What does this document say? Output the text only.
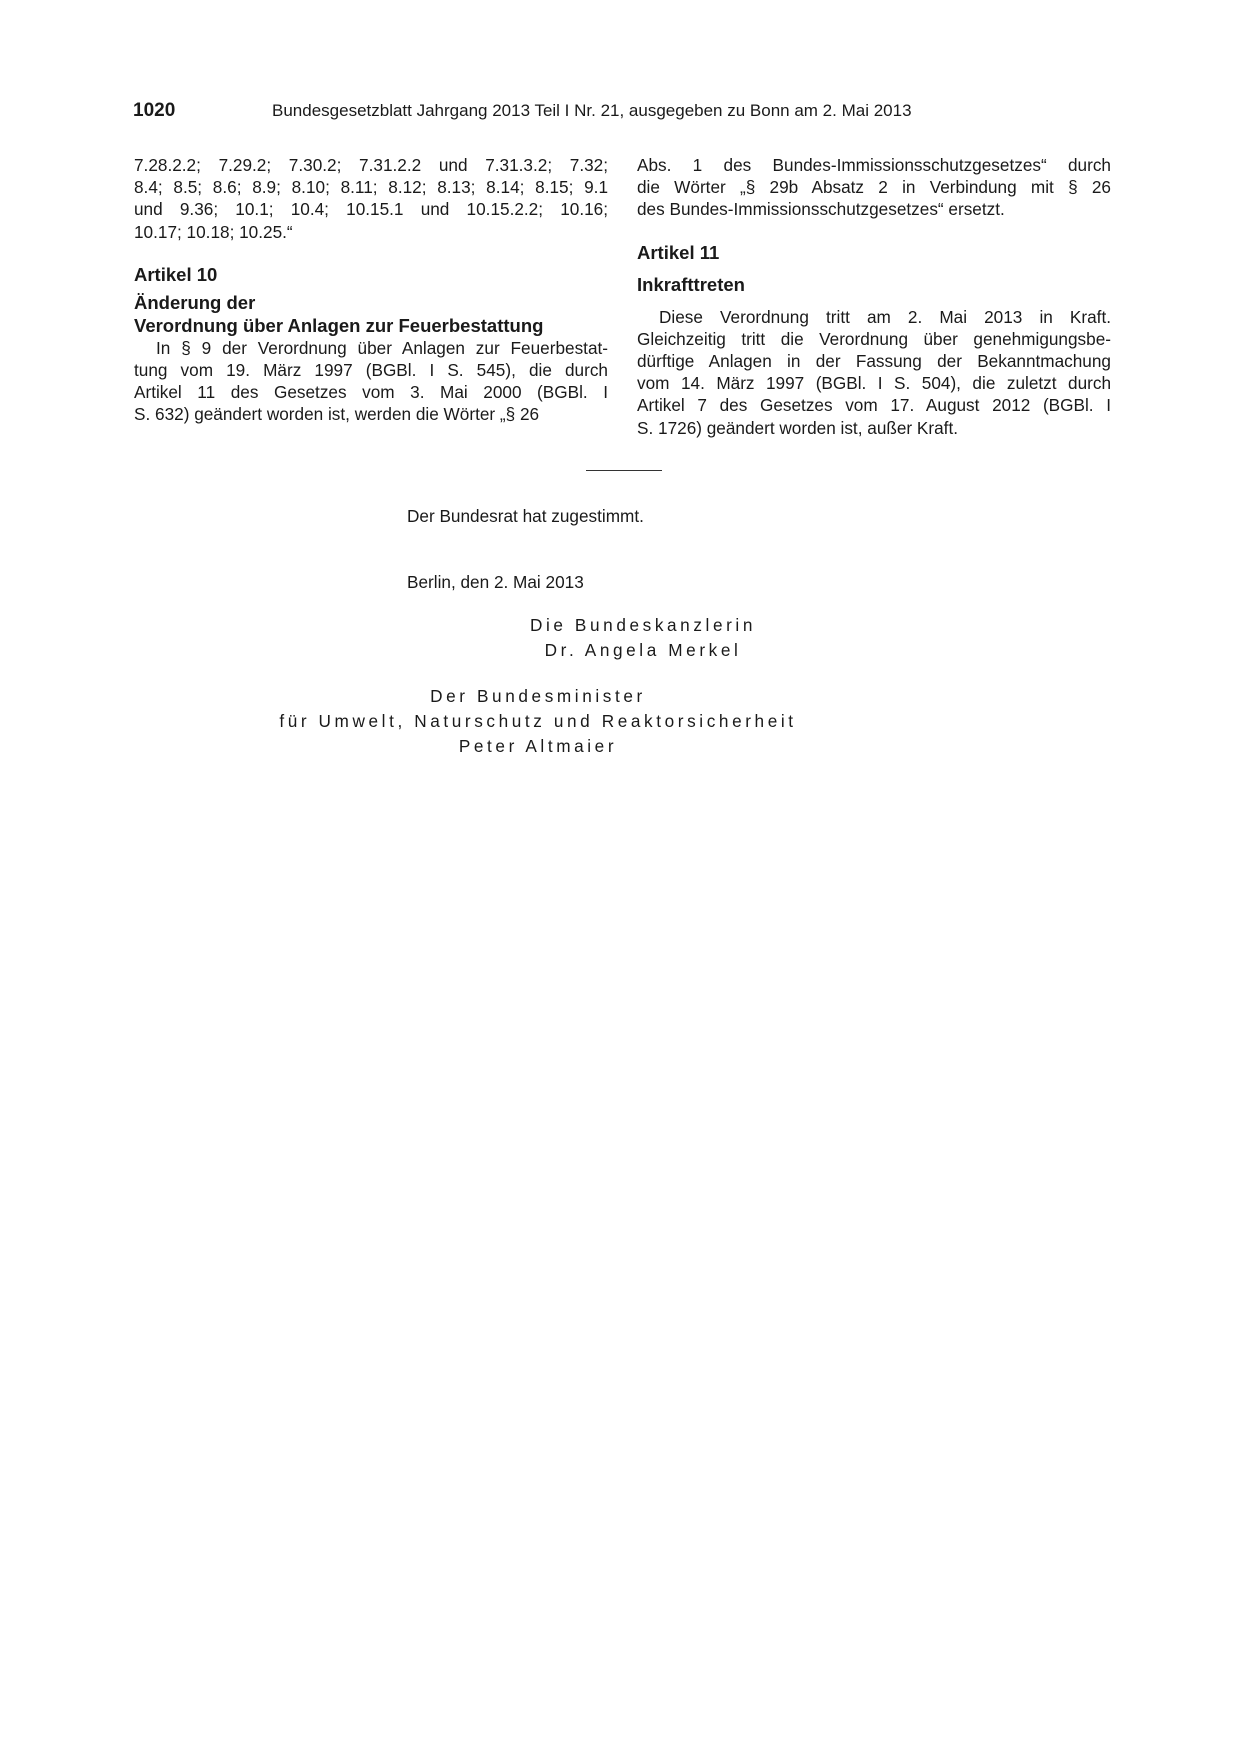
1020	Bundesgesetzblatt Jahrgang 2013 Teil I Nr. 21, ausgegeben zu Bonn am 2. Mai 2013

7.28.2.2; 7.29.2; 7.30.2; 7.31.2.2 und 7.31.3.2; 7.32;

8.4; 8.5; 8.6; 8.9; 8.10; 8.11; 8.12; 8.13; 8.14; 8.15; 9.1

und 9.36; 10.1; 10.4; 10.15.1 und 10.15.2.2; 10.16;

10.17; 10.18; 10.25.“

Artikel 10

Änderung der

Verordnung über Anlagen zur Feuerbestattung

In § 9 der Verordnung über Anlagen zur Feuerbestat-

tung vom 19. März 1997 (BGBl. I S. 545), die durch

Artikel 11 des Gesetzes vom 3. Mai 2000 (BGBl. I

S. 632) geändert worden ist, werden die Wörter „§ 26

Abs. 1 des Bundes-Immissionsschutzgesetzes“ durch

die Wörter „§ 29b Absatz 2 in Verbindung mit § 26

des Bundes-Immissionsschutzgesetzes“ ersetzt.

Artikel 11

Inkrafttreten

Diese Verordnung tritt am 2. Mai 2013 in Kraft.

Gleichzeitig tritt die Verordnung über genehmigungsbe-

dürftige Anlagen in der Fassung der Bekanntmachung

vom 14. März 1997 (BGBl. I S. 504), die zuletzt durch

Artikel 7 des Gesetzes vom 17. August 2012 (BGBl. I

S. 1726) geändert worden ist, außer Kraft.

Der Bundesrat hat zugestimmt.
Berlin, den 2. Mai 2013
Die Bundeskanzlerin
Dr. Angela Merkel
Der Bundesminister
für Umwelt, Naturschutz und Reaktorsicherheit
Peter Altmaier
